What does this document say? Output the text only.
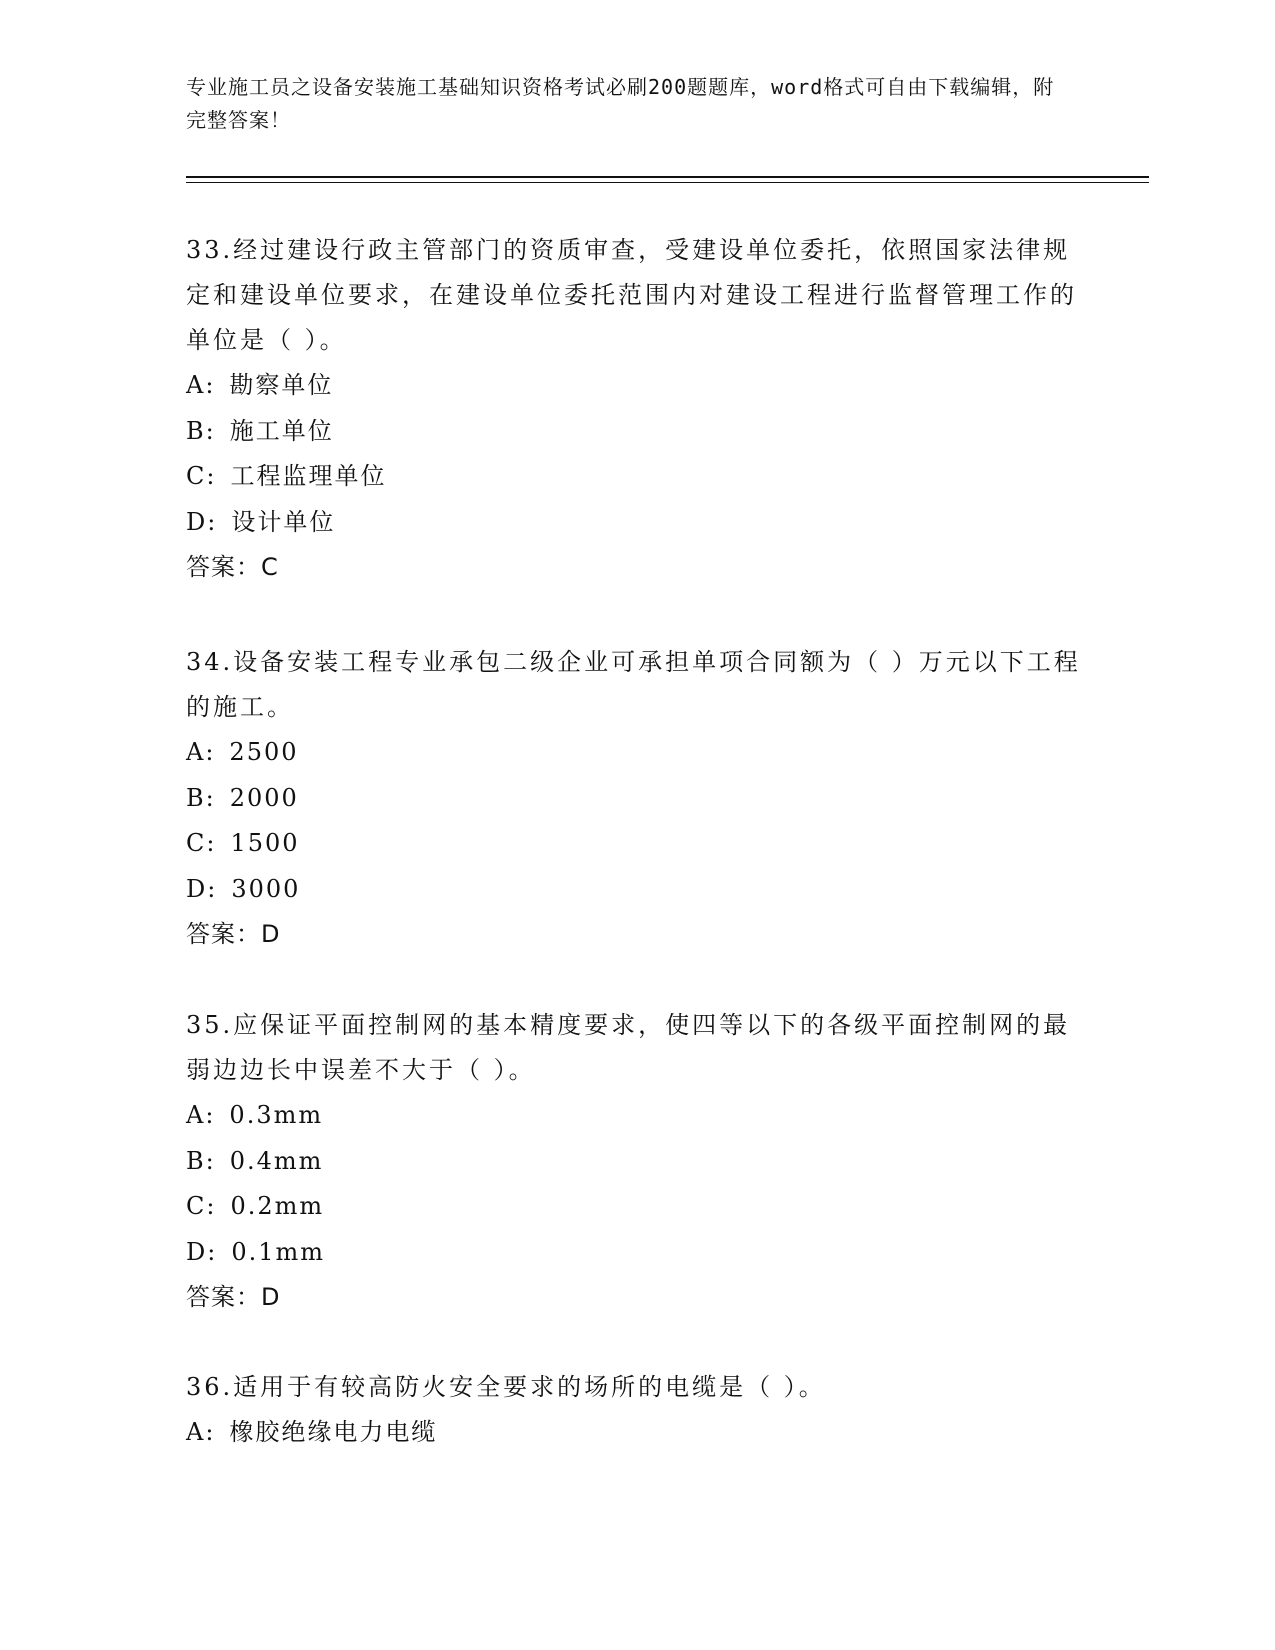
专业施工员之设备安装施工基础知识资格考试必刷200题题库，word格式可自由下载编辑，附完整答案！

33.经过建设行政主管部门的资质审查，受建设单位委托，依照国家法律规定和建设单位要求，在建设单位委托范围内对建设工程进行监督管理工作的单位是（ ）。

A: 勘察单位

B: 施工单位

C: 工程监理单位

D: 设计单位

答案：C

34.设备安装工程专业承包二级企业可承担单项合同额为（ ）万元以下工程的施工。

A: 2500

B: 2000

C: 1500

D: 3000

答案：D

35.应保证平面控制网的基本精度要求，使四等以下的各级平面控制网的最弱边边长中误差不大于（ ）。

A: 0.3mm

B: 0.4mm

C: 0.2mm

D: 0.1mm

答案：D

36.适用于有较高防火安全要求的场所的电缆是（ ）。

A: 橡胶绝缘电力电缆
